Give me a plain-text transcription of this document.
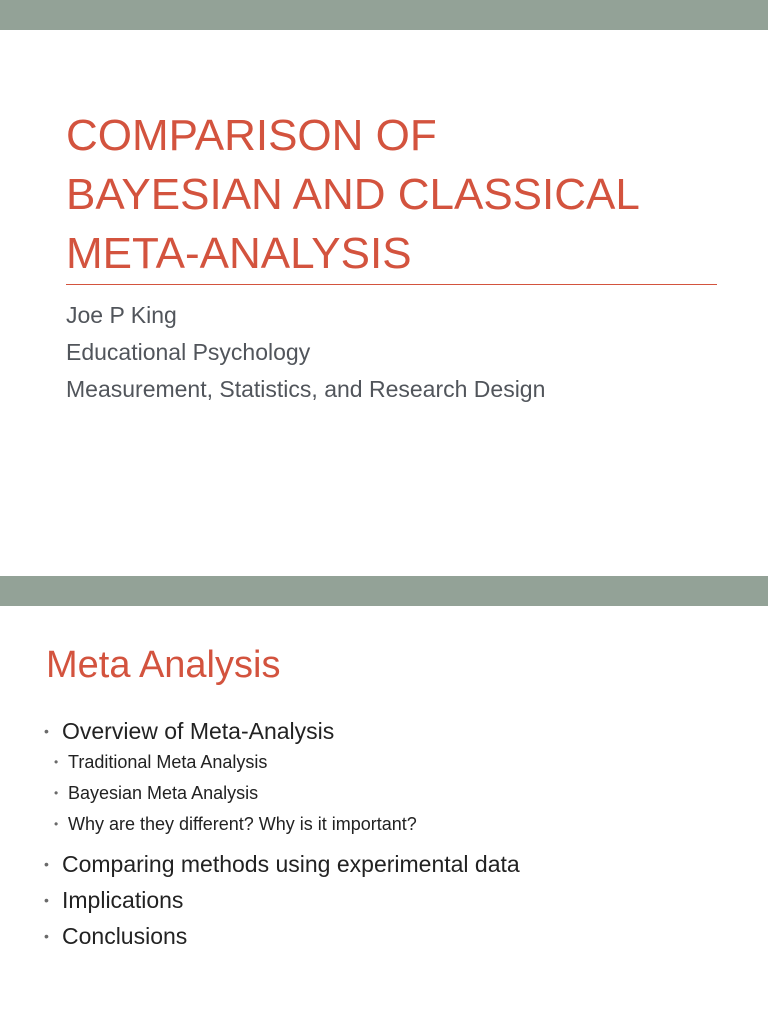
COMPARISON OF
BAYESIAN AND CLASSICAL
META-ANALYSIS
Joe P King
Educational Psychology
Measurement, Statistics, and Research Design
Meta Analysis
• Overview of Meta-Analysis
• Traditional Meta Analysis
• Bayesian Meta Analysis
• Why are they different? Why is it important?
• Comparing methods using experimental data
• Implications
• Conclusions
